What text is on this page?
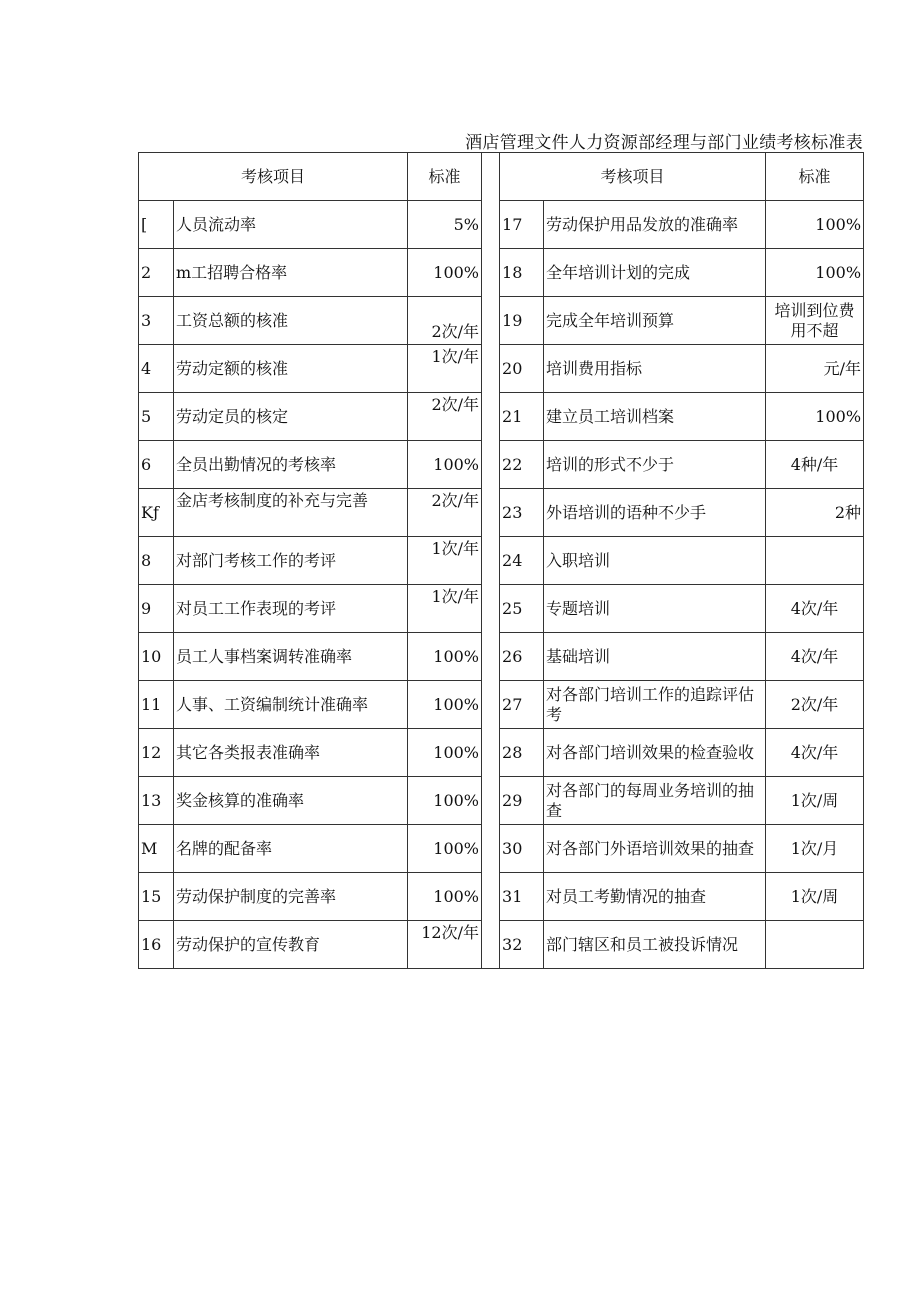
酒店管理文件人力资源部经理与部门业绩考核标准表
考核项目		标准		考核项目		标准
[	人员流动率	5%		17	劳动保护用品发放的准确率	100%
2	m工招聘合格率	100%		18	全年培训计划的完成	100%
3	工资总额的核准	2次/年		19	完成全年培训预算	培训到位费用不超
4	劳动定额的核准	1次/年		20	培训费用指标	元/年
5	劳动定员的核定	2次/年		21	建立员工培训档案	100%
6	全员出勤情况的考核率	100%		22	培训的形式不少于	4种/年
Kƒ	金店考核制度的补充与完善	2次/年		23	外语培训的语种不少手	2种
8	对部门考核工作的考评	1次/年		24	入职培训	
9	对员工工作表现的考评	1次/年		25	专题培训	4次/年
10	员工人事档案调转准确率	100%		26	基础培训	4次/年
11	人事、工资编制统计准确率	100%		27	对各部门培训工作的追踪评估考	2次/年
12	其它各类报表准确率	100%		28	对各部门培训效果的检查验收	4次/年
13	奖金核算的准确率	100%		29	对各部门的每周业务培训的抽查	1次/周
M	名牌的配备率	100%		30	对各部门外语培训效果的抽查	1次/月
15	劳动保护制度的完善率	100%		31	对员工考勤情况的抽查	1次/周
16	劳动保护的宣传教育	12次/年		32	部门辖区和员工被投诉情况	
